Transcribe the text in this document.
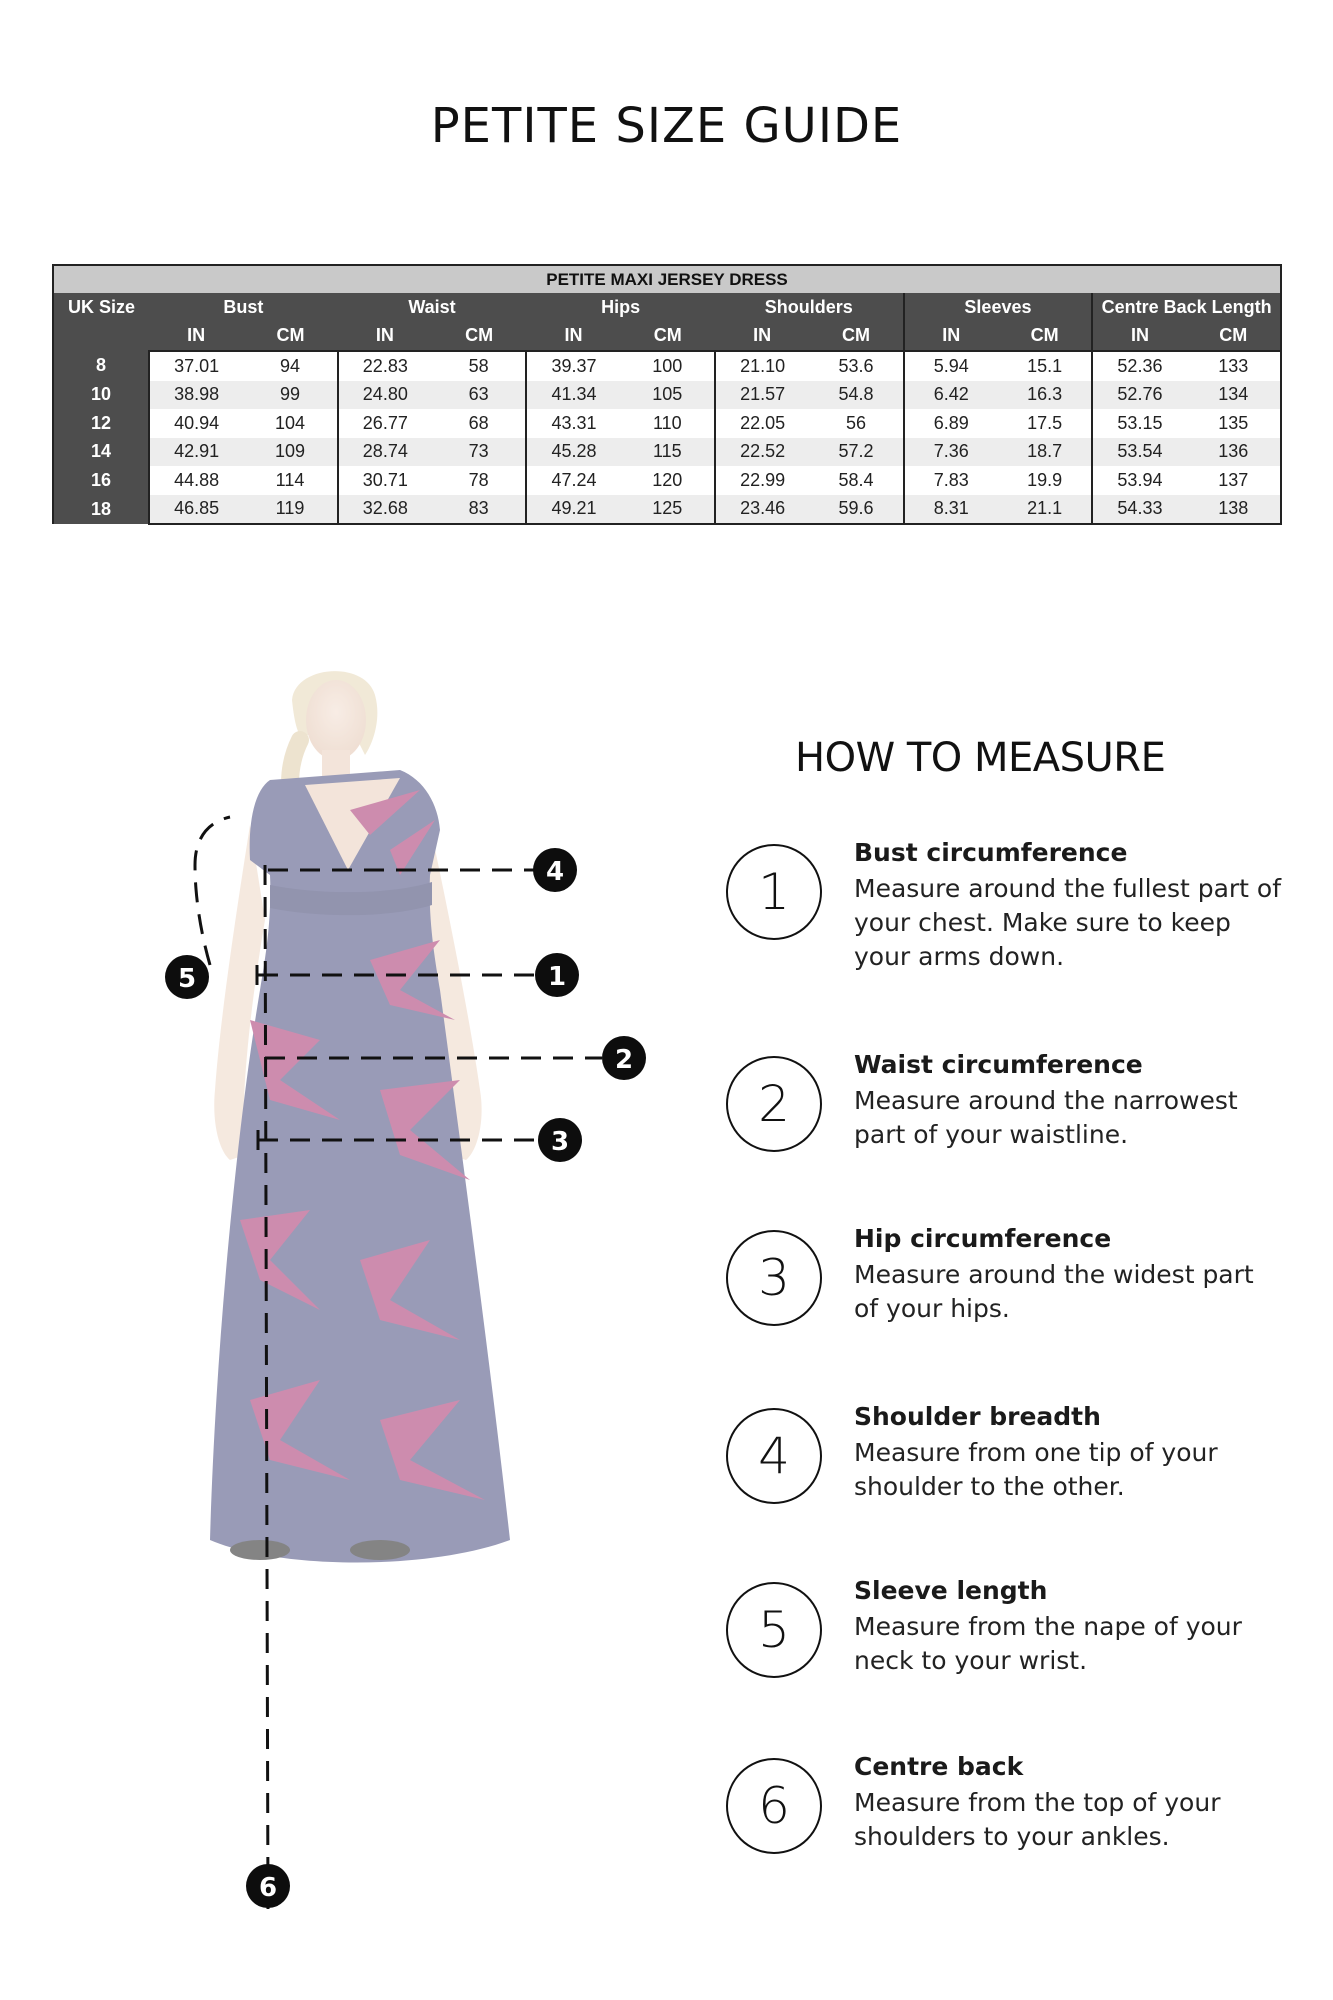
PETITE SIZE GUIDE
PETITE MAXI JERSEY DRESS												
UK Size	Bust		Waist		Hips		Shoulders		Sleeves		Centre Back Length	
	IN	CM	IN	CM	IN	CM	IN	CM	IN	CM	IN	CM
8	37.01	94	22.83	58	39.37	100	21.10	53.6	5.94	15.1	52.36	133
10	38.98	99	24.80	63	41.34	105	21.57	54.8	6.42	16.3	52.76	134
12	40.94	104	26.77	68	43.31	110	22.05	56	6.89	17.5	53.15	135
14	42.91	109	28.74	73	45.28	115	22.52	57.2	7.36	18.7	53.54	136
16	44.88	114	30.71	78	47.24	120	22.99	58.4	7.83	19.9	53.94	137
18	46.85	119	32.68	83	49.21	125	23.46	59.6	8.31	21.1	54.33	138
4
1
2
3
5
6
HOW TO MEASURE
1
Bust circumference
Measure around the fullest part of your chest. Make sure to keep your arms down.
2
Waist circumference
Measure around the narrowest part of your waistline.
3
Hip circumference
Measure around the widest part of your hips.
4
Shoulder breadth
Measure from one tip of your shoulder to the other.
5
Sleeve length
Measure from the nape of your neck to your wrist.
6
Centre back
Measure from the top of your shoulders to your ankles.
